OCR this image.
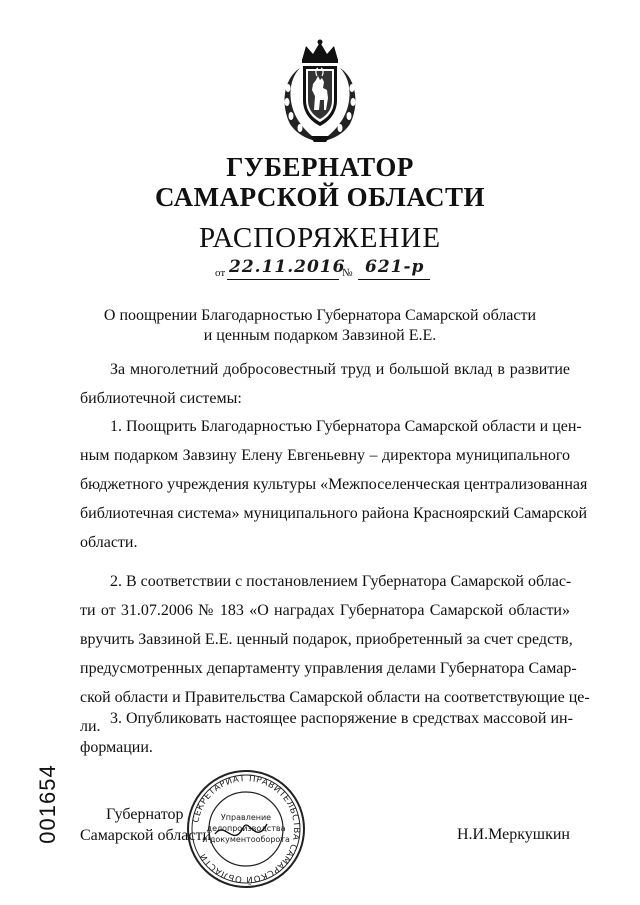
ГУБЕРНАТОР
САМАРСКОЙ ОБЛАСТИ
РАСПОРЯЖЕНИЕ
от 22.11.2016
№ 621-р
О поощрении Благодарностью Губернатора Самарской области
и ценным подарком Завзиной Е.Е.
За многолетний добросовестный труд и большой вклад в развитие
библиотечной системы:
1. Поощрить Благодарностью Губернатора Самарской области и цен-
ным подарком Завзину Елену Евгеньевну – директора муниципального
бюджетного учреждения культуры «Межпоселенческая централизованная
библиотечная система» муниципального района Красноярский Самарской
области.
2. В соответствии с постановлением Губернатора Самарской облас-
ти от 31.07.2006 № 183 «О наградах Губернатора Самарской области»
вручить Завзиной Е.Е. ценный подарок, приобретенный за счет средств,
предусмотренных департаменту управления делами Губернатора Самар-
ской области и Правительства Самарской области на соответствующие це-
ли. 3. Опубликовать настоящее распоряжение в средствах массовой ин-
формации.
001654	Губернатор
Самарской области	Н.И.Меркушкин
СЕКРЕТАРИАТ ПРАВИТЕЛЬСТВА САМАРСКОЙ ОБЛАСТИ
Управление
делопроизводства
и документооборота
